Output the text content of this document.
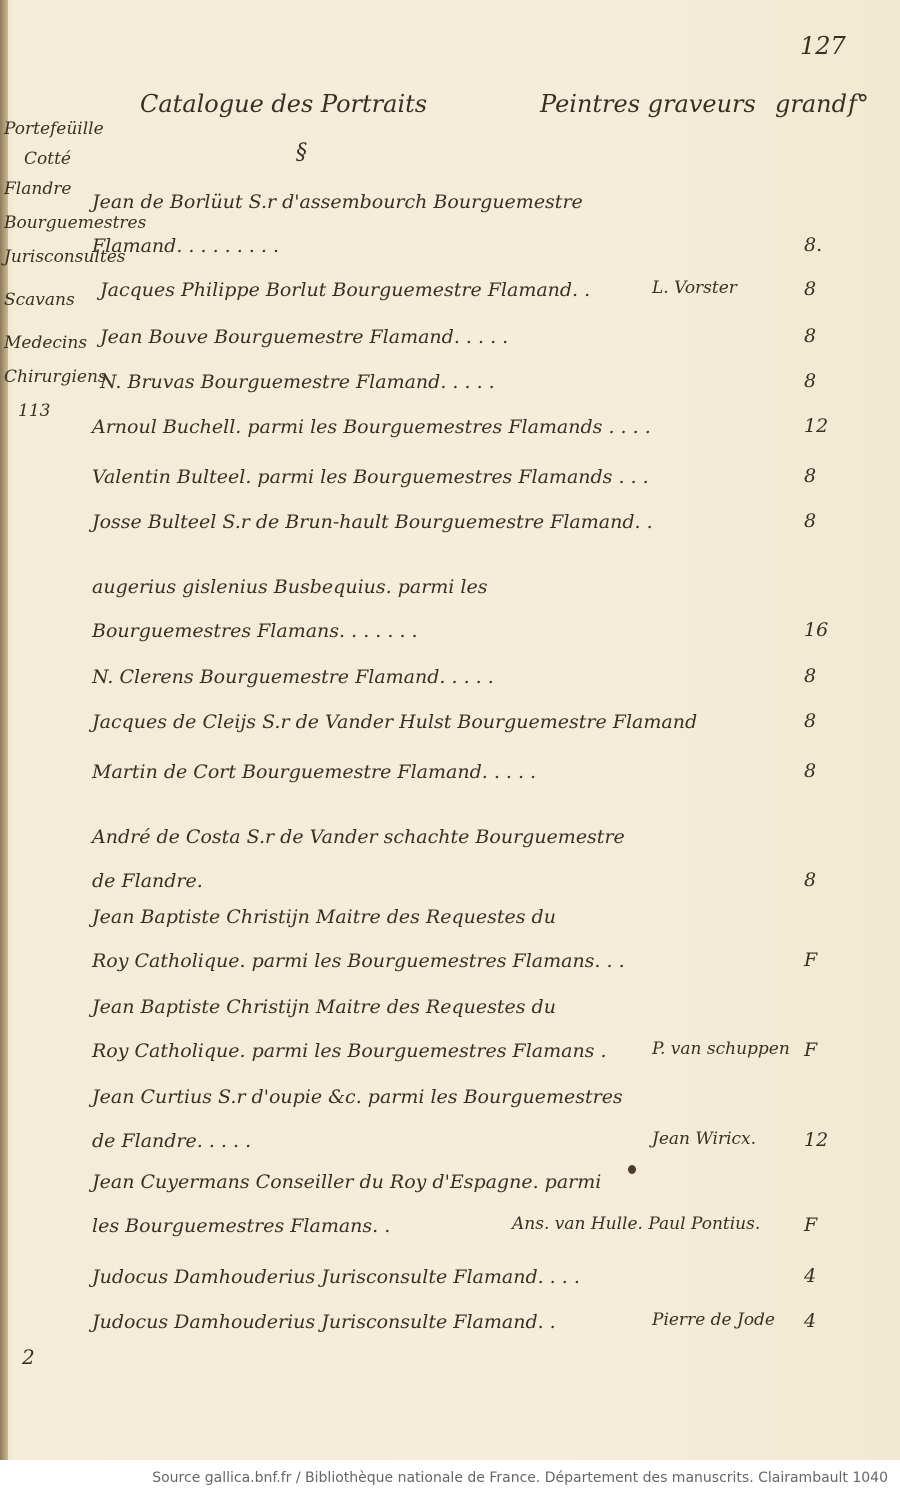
127
Catalogue des Portraits	Peintres graveurs grand f°
§
Portefeüille
Cotté
Flandre
Bourguemestres
Jurisconsultes
Scavans
Medecins
Chirurgiens
113
Jean de Borlüut S.r d'assembourch Bourguemestre
Flamand. . . . . . . . .	8.
Jacques Philippe Borlut Bourguemestre Flamand. .	L. Vorster	8
Jean Bouve Bourguemestre Flamand. . . . .	8
N. Bruvas Bourguemestre Flamand. . . . .	8
Arnoul Buchell. parmi les Bourguemestres Flamands . . . .	12
Valentin Bulteel. parmi les Bourguemestres Flamands . . .	8
Josse Bulteel S.r de Brun-hault Bourguemestre Flamand. .	8
augerius gislenius Busbequius. parmi les
Bourguemestres Flamans. . . . . . .	16
N. Clerens Bourguemestre Flamand. . . . .	8
Jacques de Cleijs S.r de Vander Hulst Bourguemestre Flamand	8
Martin de Cort Bourguemestre Flamand. . . . .	8
André de Costa S.r de Vander schachte Bourguemestre
de Flandre.	8
Jean Baptiste Christijn Maitre des Requestes du
Roy Catholique. parmi les Bourguemestres Flamans. . .	F
Jean Baptiste Christijn Maitre des Requestes du
Roy Catholique. parmi les Bourguemestres Flamans .	P. van schuppen F
Jean Curtius S.r d'oupie &c. parmi les Bourguemestres
de Flandre. . . . .	Jean Wiricx.	12
Jean Cuyermans Conseiller du Roy d'Espagne. parmi
les Bourguemestres Flamans. .	Ans. van Hulle. Paul Pontius. F
Judocus Damhouderius Jurisconsulte Flamand. . . .	4
Judocus Damhouderius Jurisconsulte Flamand. .	Pierre de Jode 4
2
Source gallica.bnf.fr / Bibliothèque nationale de France. Département des manuscrits. Clairambault 1040
